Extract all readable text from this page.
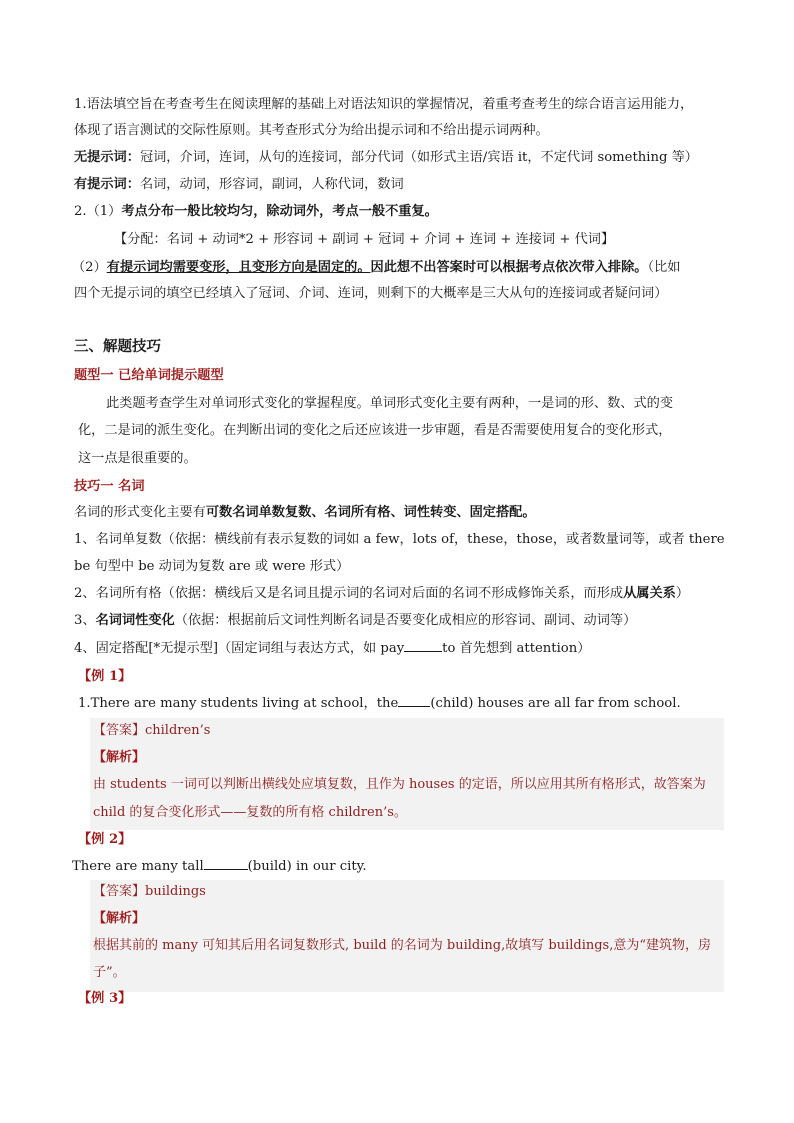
1.语法填空旨在考查考生在阅读理解的基础上对语法知识的掌握情况，着重考查考生的综合语言运用能力，
体现了语言测试的交际性原则。其考查形式分为给出提示词和不给出提示词两种。
无提示词：冠词，介词，连词，从句的连接词，部分代词（如形式主语/宾语 it，不定代词 something 等）
有提示词：名词，动词，形容词，副词，人称代词，数词
2.（1）考点分布一般比较均匀，除动词外，考点一般不重复。
【分配：名词 + 动词*2 + 形容词 + 副词 + 冠词 + 介词 + 连词 + 连接词 + 代词】
（2）有提示词均需要变形，且变形方向是固定的。因此想不出答案时可以根据考点依次带入排除。（比如
四个无提示词的填空已经填入了冠词、介词、连词，则剩下的大概率是三大从句的连接词或者疑问词）
三、解题技巧
题型一 已给单词提示题型
此类题考查学生对单词形式变化的掌握程度。单词形式变化主要有两种，一是词的形、数、式的变
化，二是词的派生变化。在判断出词的变化之后还应该进一步审题，看是否需要使用复合的变化形式，
这一点是很重要的。
技巧一 名词
名词的形式变化主要有可数名词单数复数、名词所有格、词性转变、固定搭配。
1、名词单复数（依据：横线前有表示复数的词如 a few，lots of，these，those，或者数量词等，或者 there
be 句型中 be 动词为复数 are 或 were 形式）
2、名词所有格（依据：横线后又是名词且提示词的名词对后面的名词不形成修饰关系，而形成从属关系）
3、名词词性变化（依据：根据前后文词性判断名词是否要变化成相应的形容词、副词、动词等）
4、固定搭配[*无提示型]（固定词组与表达方式，如 pay	to 首先想到 attention）
【例 1】
1.There are many students living at school，the (child) houses are all far from school.
【答案】children’s
【解析】
由 students 一词可以判断出横线处应填复数，且作为 houses 的定语，所以应用其所有格形式，故答案为
child 的复合变化形式——复数的所有格 children’s。
【例 2】
There are many tall	(build) in our city.
【答案】buildings
【解析】
根据其前的 many 可知其后用名词复数形式, build 的名词为 building,故填写 buildings,意为“建筑物，房
子”。
【例 3】
